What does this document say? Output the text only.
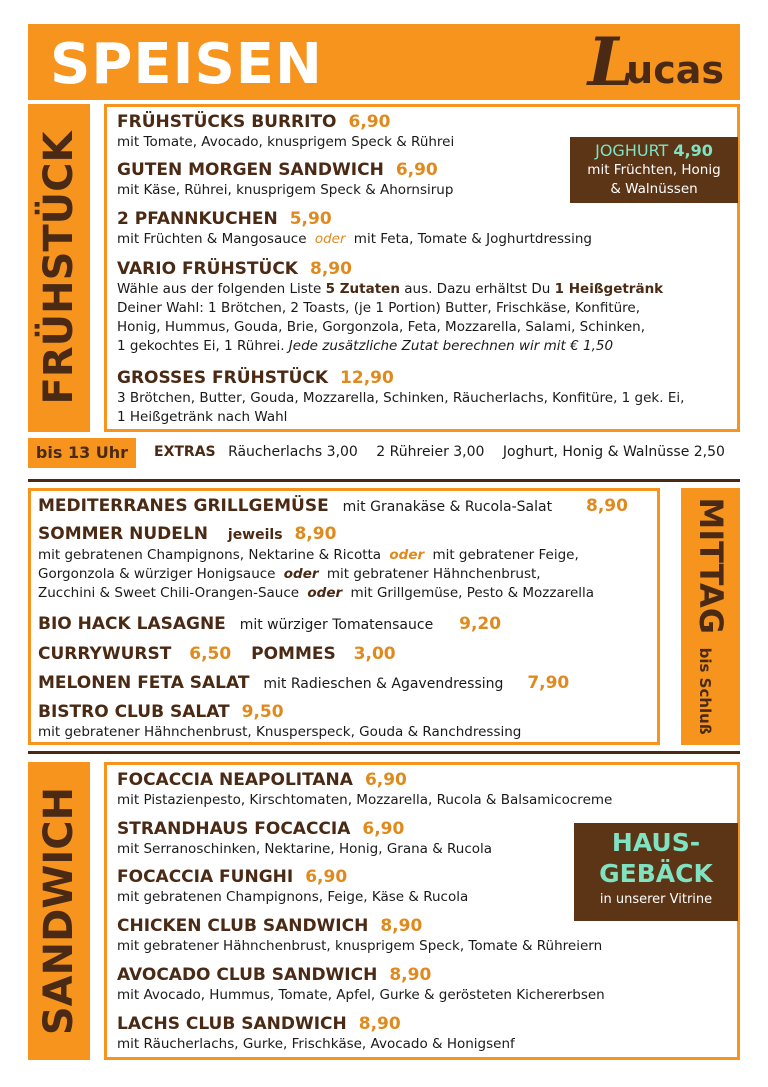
SPEISEN	L
ucas
FRÜHSTÜCK
FRÜHSTÜCKS BURRITO 6,90
mit Tomate, Avocado, knusprigem Speck & Rührei
GUTEN MORGEN SANDWICH 6,90
mit Käse, Rührei, knusprigem Speck & Ahornsirup
2 PFANNKUCHEN 5,90
mit Früchten & Mangosauce oder mit Feta, Tomate & Joghurtdressing
VARIO FRÜHSTÜCK 8,90
Wähle aus der folgenden Liste 5 Zutaten aus. Dazu erhältst Du 1 Heißgetränk
Deiner Wahl: 1 Brötchen, 2 Toasts, (je 1 Portion) Butter, Frischkäse, Konfitüre,
Honig, Hummus, Gouda, Brie, Gorgonzola, Feta, Mozzarella, Salami, Schinken,
1 gekochtes Ei, 1 Rührei. Jede zusätzliche Zutat berechnen wir mit € 1,50
GROSSES FRÜHSTÜCK 12,90
3 Brötchen, Butter, Gouda, Mozzarella, Schinken, Räucherlachs, Konfitüre, 1 gek. Ei,
1 Heißgetränk nach Wahl
JOGHURT 4,90
mit Früchten, Honig
& Walnüssen
bis 13 Uhr	EXTRAS Räucherlachs 3,00 2 Rühreier 3,00 Joghurt, Honig & Walnüsse 2,50
MEDITERRANES GRILLGEMÜSE mit Granakäse & Rucola-Salat 8,90
SOMMER NUDELN jeweils 8,90
mit gebratenen Champignons, Nektarine & Ricotta oder mit gebratener Feige,
Gorgonzola & würziger Honigsauce oder mit gebratener Hähnchenbrust,
Zucchini & Sweet Chili-Orangen-Sauce oder mit Grillgemüse, Pesto & Mozzarella
BIO HACK LASAGNE mit würziger Tomatensauce 9,20
CURRYWURST 6,50 POMMES 3,00
MELONEN FETA SALAT mit Radieschen & Agavendressing 7,90
BISTRO CLUB SALAT 9,50
mit gebratener Hähnchenbrust, Knusperspeck, Gouda & Ranchdressing
MITTAG bis Schluß
SANDWICH
FOCACCIA NEAPOLITANA 6,90
mit Pistazienpesto, Kirschtomaten, Mozzarella, Rucola & Balsamicocreme
STRANDHAUS FOCACCIA 6,90
mit Serranoschinken, Nektarine, Honig, Grana & Rucola
FOCACCIA FUNGHI 6,90
mit gebratenen Champignons, Feige, Käse & Rucola
CHICKEN CLUB SANDWICH 8,90
mit gebratener Hähnchenbrust, knusprigem Speck, Tomate & Rühreiern
AVOCADO CLUB SANDWICH 8,90
mit Avocado, Hummus, Tomate, Apfel, Gurke & gerösteten Kichererbsen
LACHS CLUB SANDWICH 8,90
mit Räucherlachs, Gurke, Frischkäse, Avocado & Honigsenf
HAUS-
GEBÄCK
in unserer Vitrine
